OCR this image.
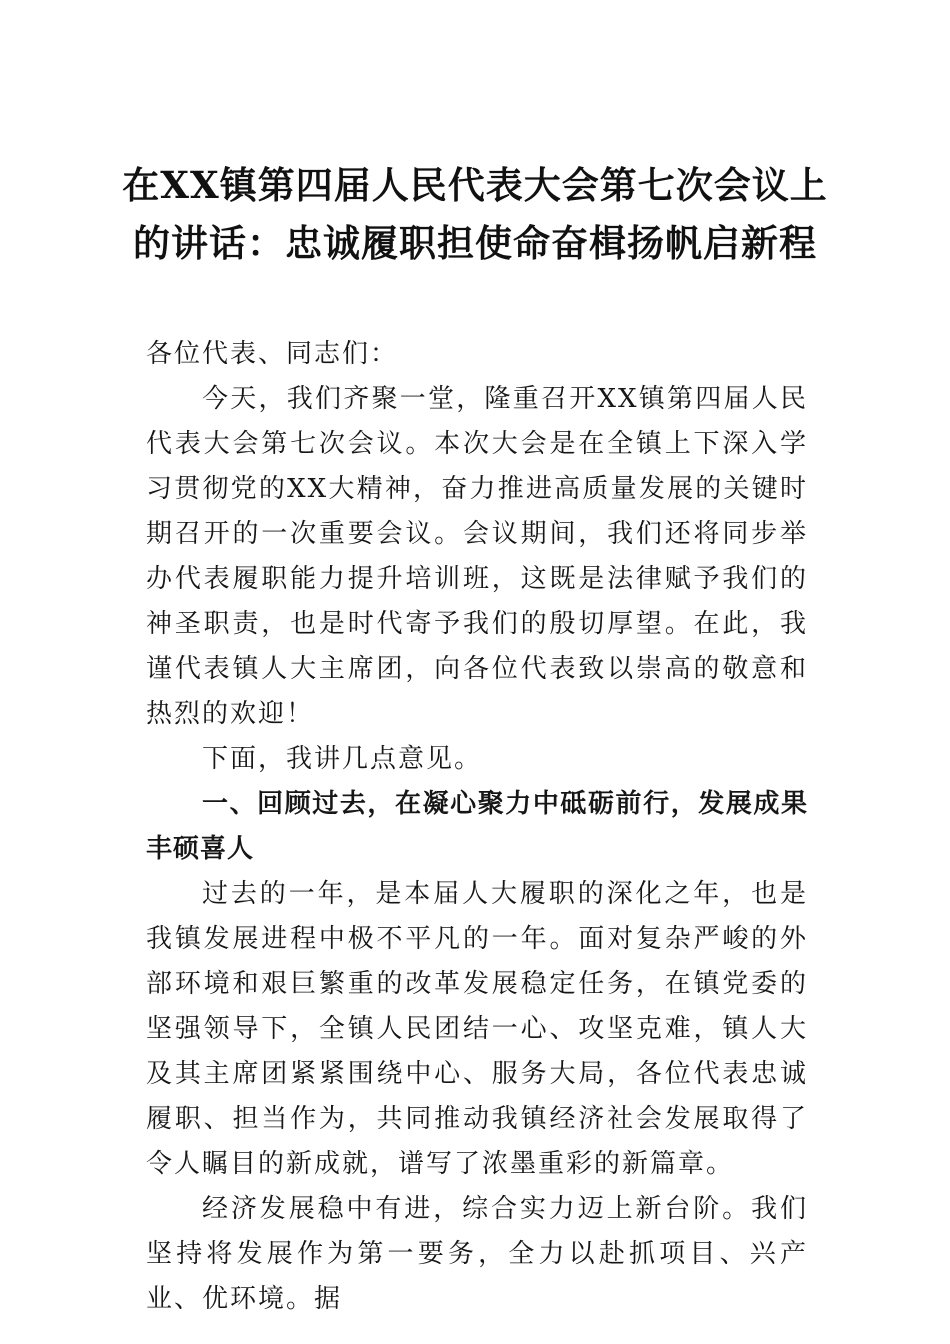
在XX镇第四届人民代表大会第七次会议上的讲话：忠诚履职担使命奋楫扬帆启新程

各位代表、同志们：

今天，我们齐聚一堂，隆重召开XX镇第四届人民代表大会第七次会议。本次大会是在全镇上下深入学习贯彻党的XX大精神，奋力推进高质量发展的关键时期召开的一次重要会议。会议期间，我们还将同步举办代表履职能力提升培训班，这既是法律赋予我们的神圣职责，也是时代寄予我们的殷切厚望。在此，我谨代表镇人大主席团，向各位代表致以崇高的敬意和热烈的欢迎！

下面，我讲几点意见。

一、回顾过去，在凝心聚力中砥砺前行，发展成果丰硕喜人

过去的一年，是本届人大履职的深化之年，也是我镇发展进程中极不平凡的一年。面对复杂严峻的外部环境和艰巨繁重的改革发展稳定任务，在镇党委的坚强领导下，全镇人民团结一心、攻坚克难，镇人大及其主席团紧紧围绕中心、服务大局，各位代表忠诚履职、担当作为，共同推动我镇经济社会发展取得了令人瞩目的新成就，谱写了浓墨重彩的新篇章。

经济发展稳中有进，综合实力迈上新台阶。我们坚持将发展作为第一要务，全力以赴抓项目、兴产业、优环境。据
